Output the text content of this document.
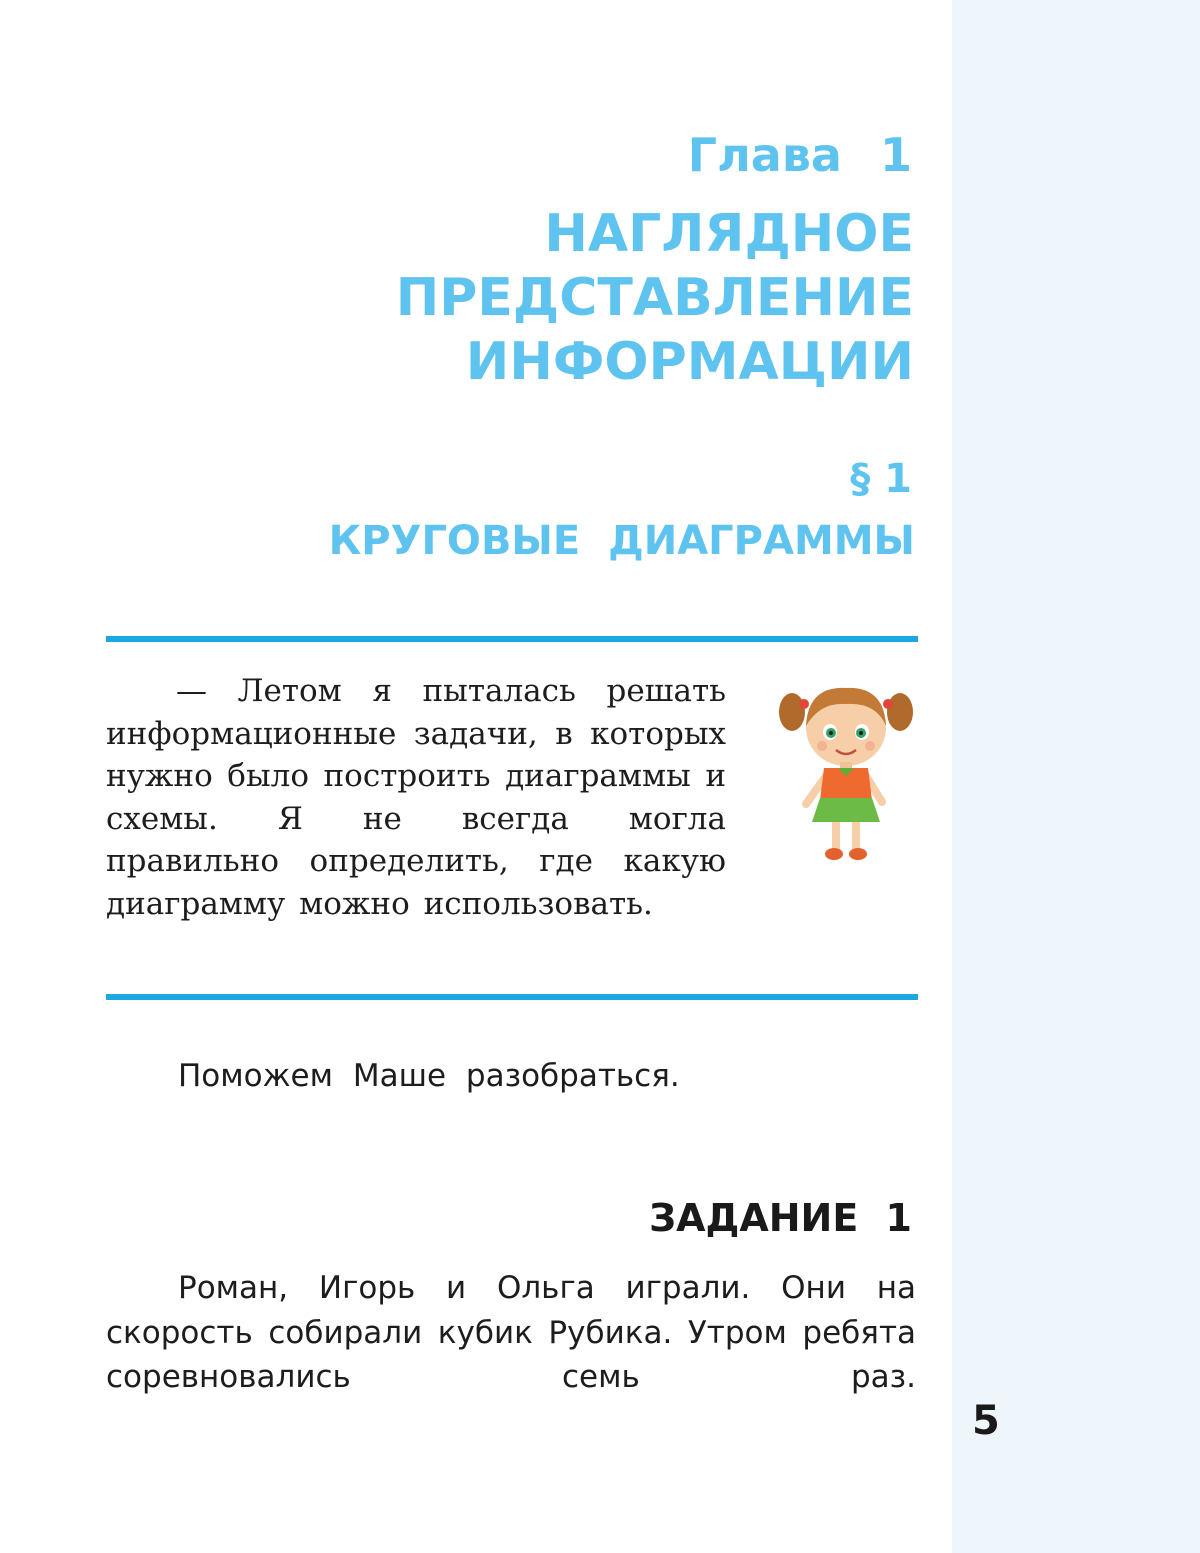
Глава 1
НАГЛЯДНОЕ
ПРЕДСТАВЛЕНИЕ
ИНФОРМАЦИИ
§ 1
КРУГОВЫЕ ДИАГРАММЫ

— Летом я пыталась решать информационные задачи, в которых нужно было построить диаграммы и схемы. Я не всегда могла правильно определить, где какую диаграмму можно использовать.

Поможем Маше разобраться.
ЗАДАНИЕ 1

Роман, Игорь и Ольга играли. Они на скорость собирали кубик Рубика. Утром ребята соревновались семь раз.

5
